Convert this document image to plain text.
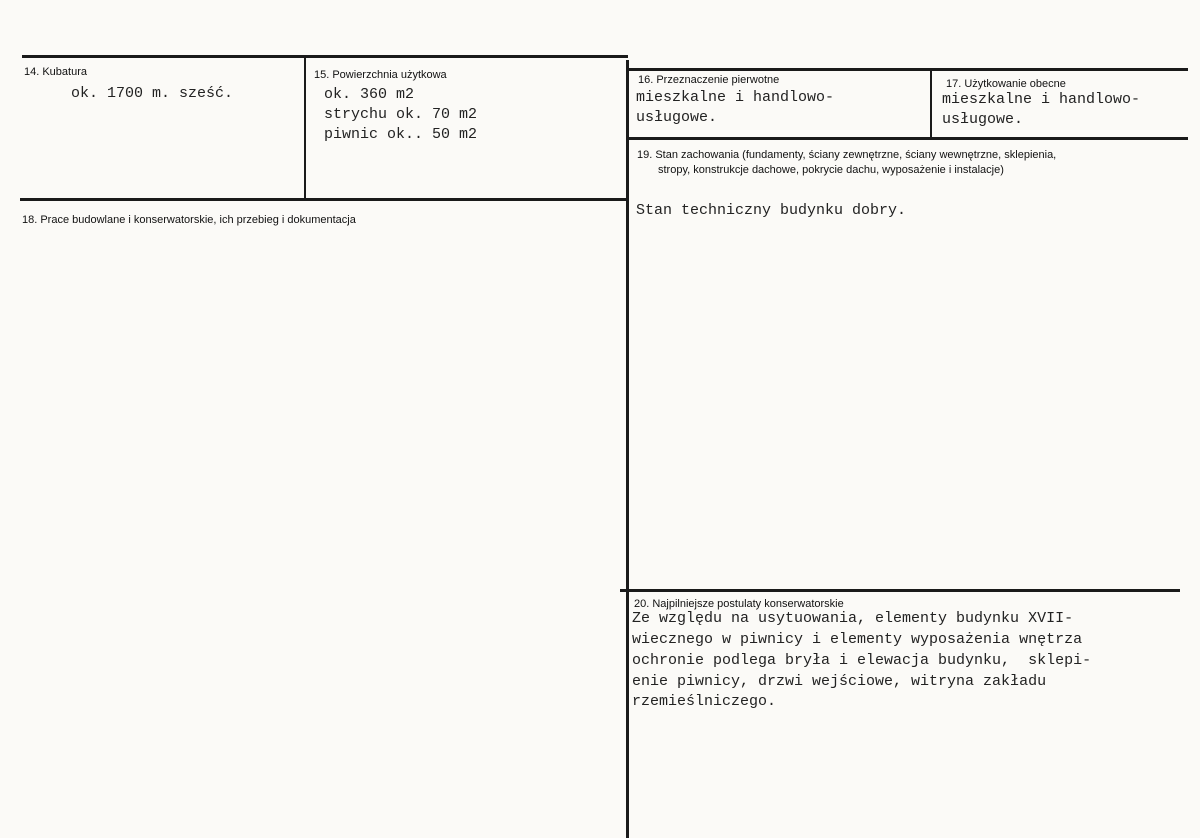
14. Kubatura
ok. 1700 m. sześć.
15. Powierzchnia użytkowa
ok. 360 m2
strychu ok. 70 m2
piwnic ok.. 50 m2
16. Przeznaczenie pierwotne
mieszkalne i handlowo-
usługowe.
17. Użytkowanie obecne
mieszkalne i handlowo-
usługowe.
19. Stan zachowania (fundamenty, ściany zewnętrzne, ściany wewnętrzne, sklepienia,
stropy, konstrukcje dachowe, pokrycie dachu, wyposażenie i instalacje)
Stan techniczny budynku dobry.
18. Prace budowlane i konserwatorskie, ich przebieg i dokumentacja
20. Najpilniejsze postulaty konserwatorskie
Ze względu na usytuowania, elementy budynku XVII-
wiecznego w piwnicy i elementy wyposażenia wnętrza
ochronie podlega bryła i elewacja budynku,  sklepi-
enie piwnicy, drzwi wejściowe, witryna zakładu
rzemieślniczego.
